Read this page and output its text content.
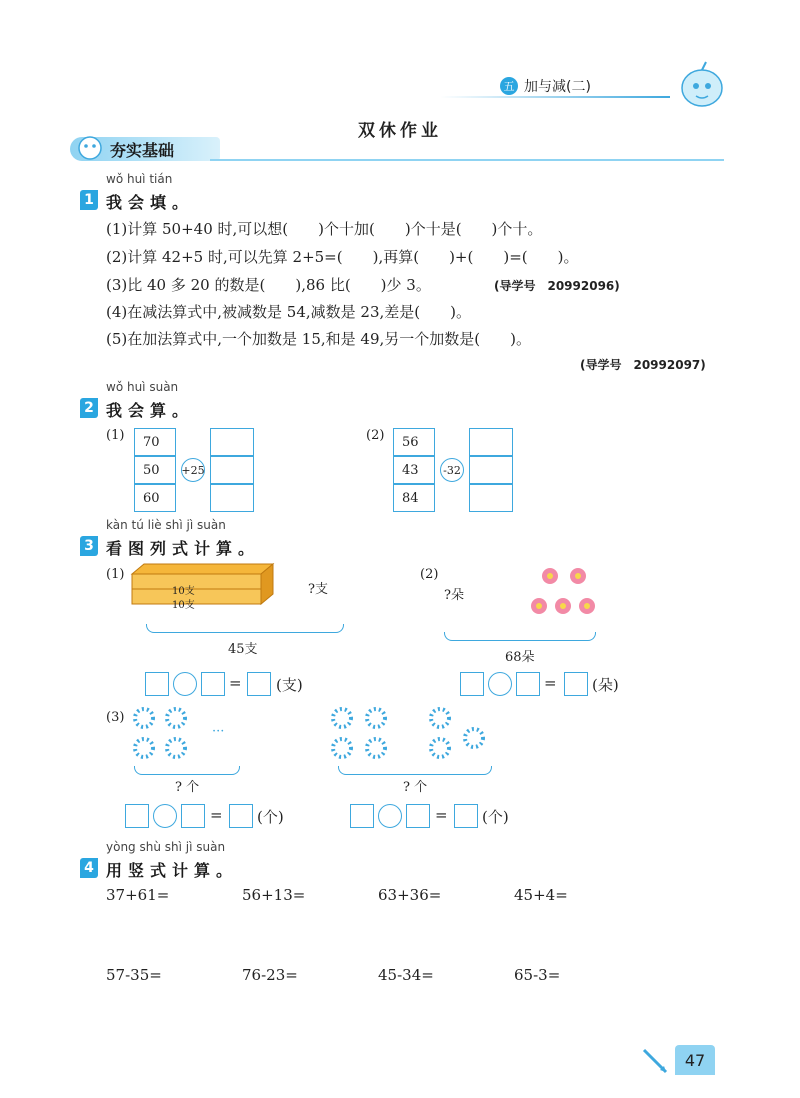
五 加与减(二)
双休作业
夯实基础
wǒ huì tián
1 我会填。
(1)计算 50+40 时,可以想(　　)个十加(　　)个十是(　　)个十。
(2)计算 42+5 时,可以先算 2+5=(　　),再算(　　)+(　　)=(　　)。
(3)比 40 多 20 的数是(　　),86 比(　　)少 3。	(导学号　20992096)
(4)在减法算式中,被减数是 54,减数是 23,差是(　　)。
(5)在加法算式中,一个加数是 15,和是 49,另一个加数是(　　)。
(导学号　20992097)
wǒ huì suàn
2 我会算。
(1)	70
50
60
+25
(2)	56
43
84
-32
kàn tú liè shì jì suàn
3 看图列式计算。
(1)
10支
10支
?支
45支
= (支)
(2)
?朵
68朵
= (朵)
(3)
···
? 个	? 个
= (个)	= (个)
yòng shù shì jì suàn
4 用竖式计算。
37+61=	56+13=	63+36=	45+4=
57-35=	76-23=	45-34=	65-3=
47
